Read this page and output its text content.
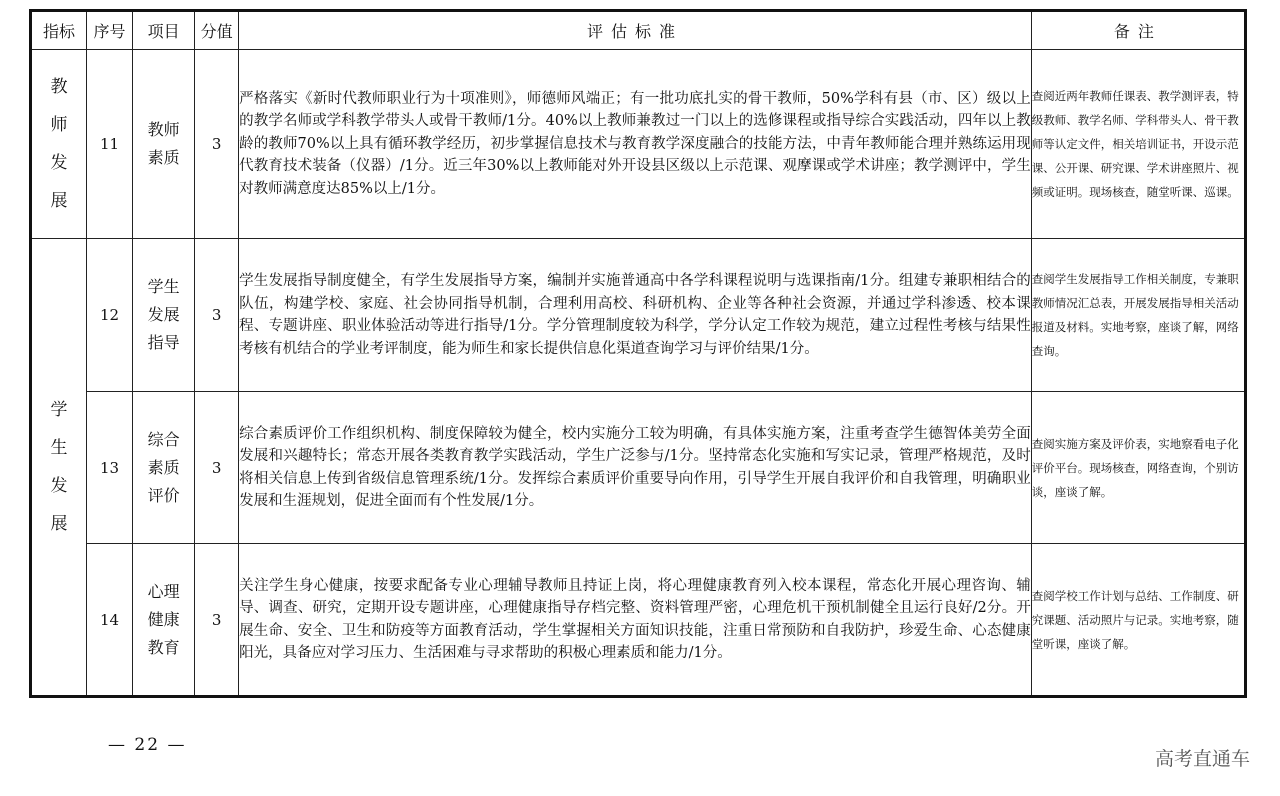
指标	序号	项目	分值	评估标准	备注
教师发展	11	教师素质	3	严格落实《新时代教师职业行为十项准则》，师德师风端正；有一批功底扎实的骨干教师，50%学科有县（市、区）级以上的教学名师或学科教学带头人或骨干教师/1分。40%以上教师兼教过一门以上的选修课程或指导综合实践活动，四年以上教龄的教师70%以上具有循环教学经历，初步掌握信息技术与教育教学深度融合的技能方法，中青年教师能合理并熟练运用现代教育技术装备（仪器）/1分。近三年30%以上教师能对外开设县区级以上示范课、观摩课或学术讲座；教学测评中，学生对教师满意度达85%以上/1分。	查阅近两年教师任课表、教学测评表，特级教师、教学名师、学科带头人、骨干教师等认定文件，相关培训证书，开设示范课、公开课、研究课、学术讲座照片、视频或证明。现场核查，随堂听课、巡课。
学生发展	12	学生发展指导	3	学生发展指导制度健全，有学生发展指导方案，编制并实施普通高中各学科课程说明与选课指南/1分。组建专兼职相结合的队伍，构建学校、家庭、社会协同指导机制，合理利用高校、科研机构、企业等各种社会资源，并通过学科渗透、校本课程、专题讲座、职业体验活动等进行指导/1分。学分管理制度较为科学，学分认定工作较为规范，建立过程性考核与结果性考核有机结合的学业考评制度，能为师生和家长提供信息化渠道查询学习与评价结果/1分。	查阅学生发展指导工作相关制度，专兼职教师情况汇总表，开展发展指导相关活动报道及材料。实地考察，座谈了解，网络查询。
	13	综合素质评价	3	综合素质评价工作组织机构、制度保障较为健全，校内实施分工较为明确，有具体实施方案，注重考查学生德智体美劳全面发展和兴趣特长；常态开展各类教育教学实践活动，学生广泛参与/1分。坚持常态化实施和写实记录，管理严格规范，及时将相关信息上传到省级信息管理系统/1分。发挥综合素质评价重要导向作用，引导学生开展自我评价和自我管理，明确职业发展和生涯规划，促进全面而有个性发展/1分。	查阅实施方案及评价表，实地察看电子化评价平台。现场核查，网络查询，个别访谈，座谈了解。
	14	心理健康教育	3	关注学生身心健康，按要求配备专业心理辅导教师且持证上岗，将心理健康教育列入校本课程，常态化开展心理咨询、辅导、调查、研究，定期开设专题讲座，心理健康指导存档完整、资料管理严密，心理危机干预机制健全且运行良好/2分。开展生命、安全、卫生和防疫等方面教育活动，学生掌握相关方面知识技能，注重日常预防和自我防护，珍爱生命、心态健康阳光，具备应对学习压力、生活困难与寻求帮助的积极心理素质和能力/1分。	查阅学校工作计划与总结、工作制度、研究课题、活动照片与记录。实地考察，随堂听课，座谈了解。
— 22 —
高考直通车
